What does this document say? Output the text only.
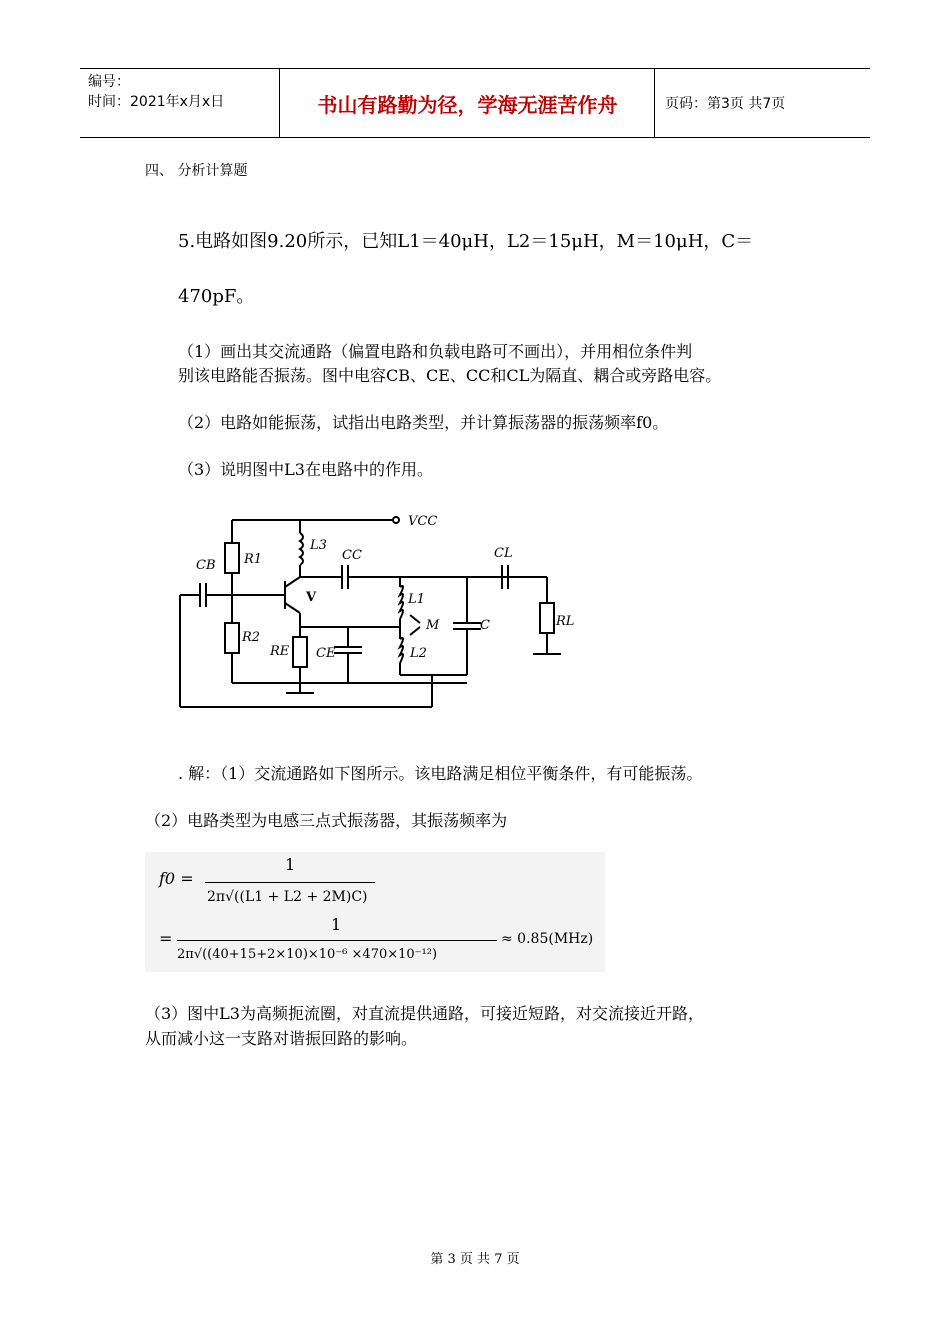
编号：
时间：2021年x月x日	书山有路勤为径，学海无涯苦作舟	页码：第3页 共7页
四、 分析计算题
5.电路如图9.20所示，已知L1＝40μH，L2＝15μH，M＝10μH，C＝
470pF。
（1）画出其交流通路（偏置电路和负载电路可不画出），并用相位条件判
别该电路能否振荡。图中电容CB、CE、CC和CL为隔直、耦合或旁路电容。
（2）电路如能振荡，试指出电路类型，并计算振荡器的振荡频率f0。
（3）说明图中L3在电路中的作用。
VCC
L3
CC	CL
CB R1
V	L1
M	C	RL
R2
RE CE	L2
. 解：（1）交流通路如下图所示。该电路满足相位平衡条件，有可能振荡。
（2）电路类型为电感三点式振荡器，其振荡频率为
f0 =
1
2π√((L1 + L2 + 2M)C)
=
1
2π√((40+15+2×10)×10⁻⁶ ×470×10⁻¹²)
≈ 0.85(MHz)
（3）图中L3为高频扼流圈，对直流提供通路，可接近短路，对交流接近开路，
从而减小这一支路对谐振回路的影响。
第 3 页 共 7 页
